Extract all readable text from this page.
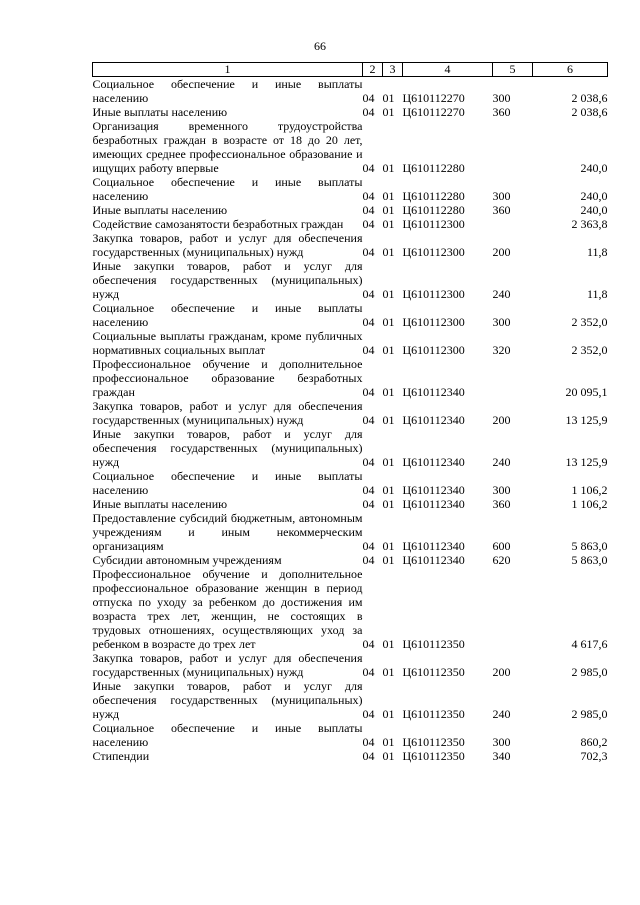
66
1	2	3	4	5	6
Социальное обеспечение и иные выплаты населению	04	01	Ц610112270	300	2 038,6
Иные выплаты населению	04	01	Ц610112270	360	2 038,6
Организация временного трудоустройства безработных граждан в возрасте от 18 до 20 лет, имеющих среднее профессиональное образование и ищущих работу впервые	04	01	Ц610112280		240,0
Социальное обеспечение и иные выплаты населению	04	01	Ц610112280	300	240,0
Иные выплаты населению	04	01	Ц610112280	360	240,0
Содействие самозанятости безработных граждан	04	01	Ц610112300		2 363,8
Закупка товаров, работ и услуг для обеспечения государственных (муниципальных) нужд	04	01	Ц610112300	200	11,8
Иные закупки товаров, работ и услуг для обеспечения государственных (муниципальных) нужд	04	01	Ц610112300	240	11,8
Социальное обеспечение и иные выплаты населению	04	01	Ц610112300	300	2 352,0
Социальные выплаты гражданам, кроме публичных нормативных социальных выплат	04	01	Ц610112300	320	2 352,0
Профессиональное обучение и дополнительное профессиональное образование безработных граждан	04	01	Ц610112340		20 095,1
Закупка товаров, работ и услуг для обеспечения государственных (муниципальных) нужд	04	01	Ц610112340	200	13 125,9
Иные закупки товаров, работ и услуг для обеспечения государственных (муниципальных) нужд	04	01	Ц610112340	240	13 125,9
Социальное обеспечение и иные выплаты населению	04	01	Ц610112340	300	1 106,2
Иные выплаты населению	04	01	Ц610112340	360	1 106,2
Предоставление субсидий бюджетным, автономным учреждениям и иным некоммерческим организациям	04	01	Ц610112340	600	5 863,0
Субсидии автономным учреждениям	04	01	Ц610112340	620	5 863,0
Профессиональное обучение и дополнительное профессиональное образование женщин в период отпуска по уходу за ребенком до достижения им возраста трех лет, женщин, не состоящих в трудовых отношениях, осуществляющих уход за ребенком в возрасте до трех лет	04	01	Ц610112350		4 617,6
Закупка товаров, работ и услуг для обеспечения государственных (муниципальных) нужд	04	01	Ц610112350	200	2 985,0
Иные закупки товаров, работ и услуг для обеспечения государственных (муниципальных) нужд	04	01	Ц610112350	240	2 985,0
Социальное обеспечение и иные выплаты населению	04	01	Ц610112350	300	860,2
Стипендии	04	01	Ц610112350	340	702,3
